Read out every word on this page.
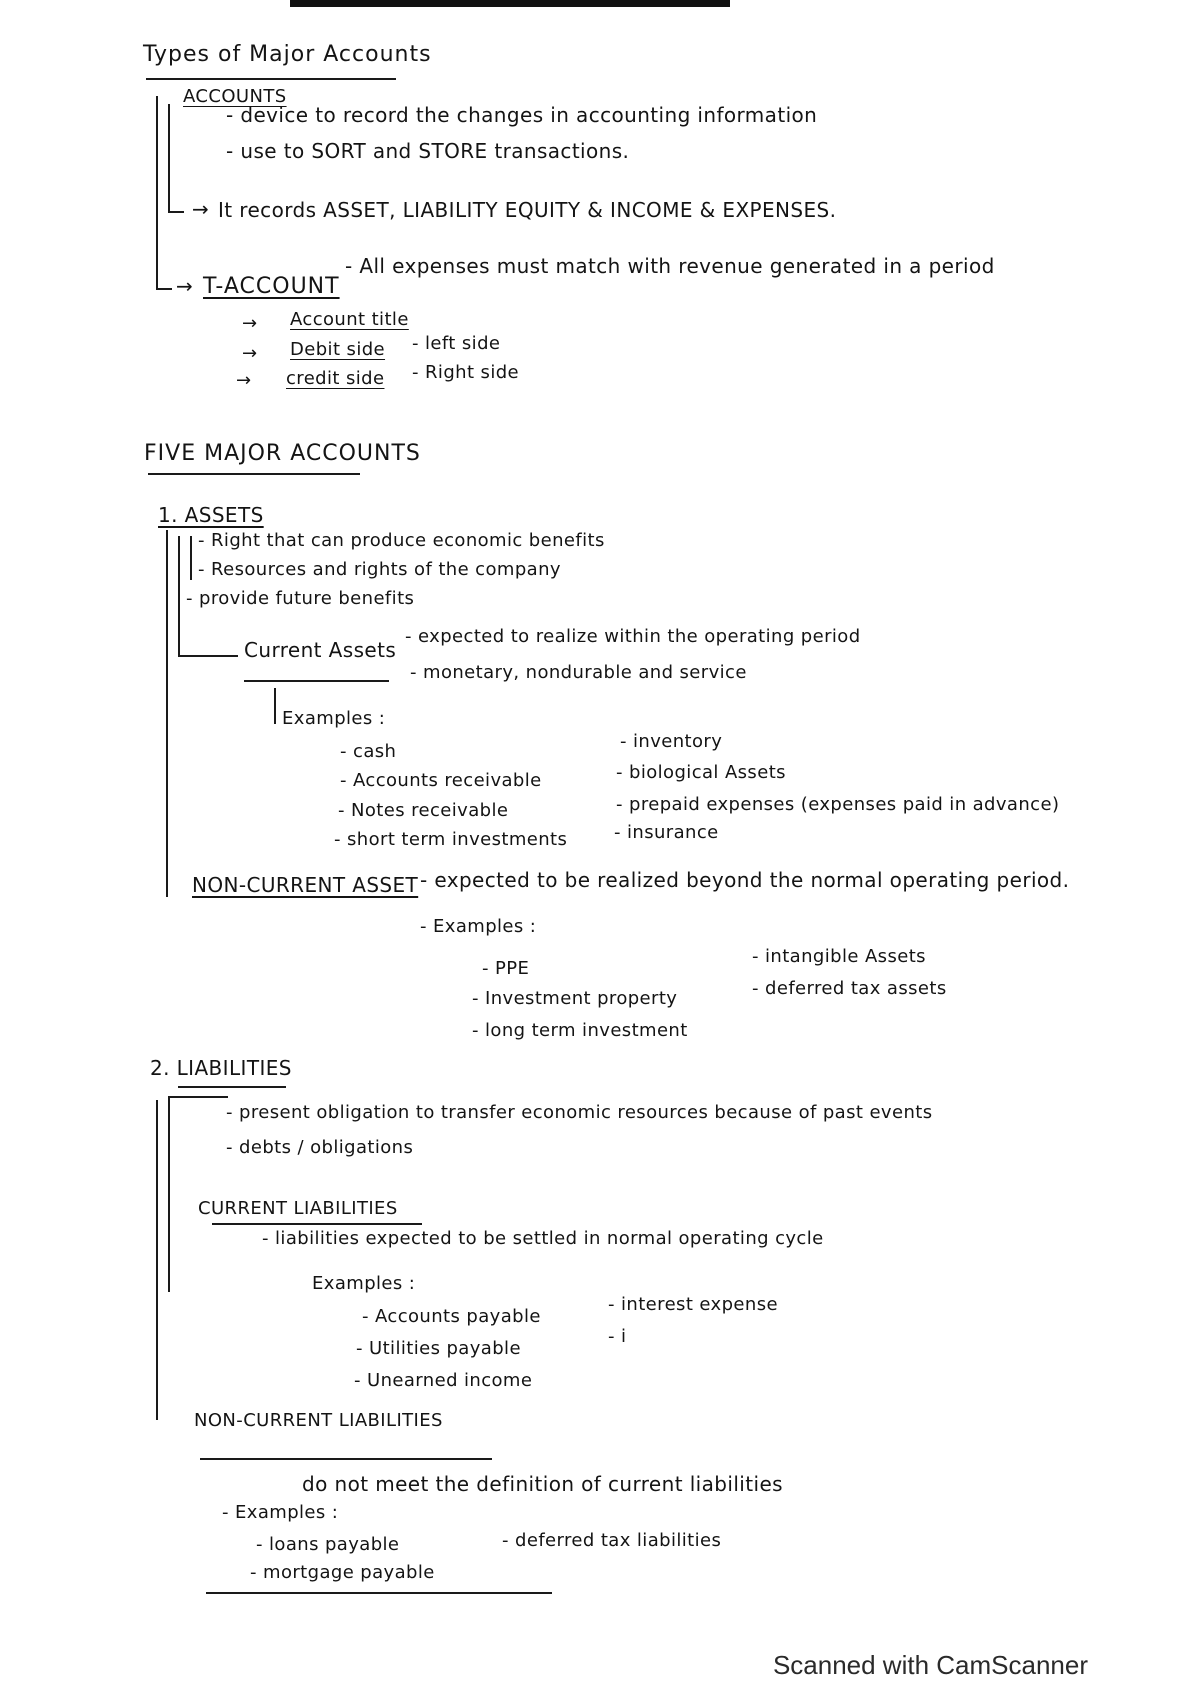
Types of Major Accounts
ACCOUNTS
- device to record the changes in accounting information
- use to SORT and STORE transactions.
→ It records ASSET, LIABILITY EQUITY & INCOME & EXPENSES.
→ T-ACCOUNT
- All expenses must match with revenue generated in a period
→ Account title
→ Debit side - left side
→ credit side - Right side
FIVE MAJOR ACCOUNTS
1. ASSETS
- Right that can produce economic benefits
- Resources and rights of the company
- provide future benefits
Current Assets
- expected to realize within the operating period
- monetary, nondurable and service
Examples :
- cash
- Accounts receivable
- Notes receivable
- short term investments
- inventory
- biological Assets
- prepaid expenses (expenses paid in advance)
- insurance
NON-CURRENT ASSET - expected to be realized beyond the normal operating period.
- Examples :
- PPE
- Investment property
- long term investment
- intangible Assets
- deferred tax assets
2. LIABILITIES
- present obligation to transfer economic resources because of past events
- debts / obligations
CURRENT LIABILITIES
- liabilities expected to be settled in normal operating cycle
Examples :
- Accounts payable
- Utilities payable
- Unearned income
- interest expense
- i
NON-CURRENT LIABILITIES
do not meet the definition of current liabilities
- Examples :
- loans payable
- mortgage payable
- deferred tax liabilities
Scanned with CamScanner
